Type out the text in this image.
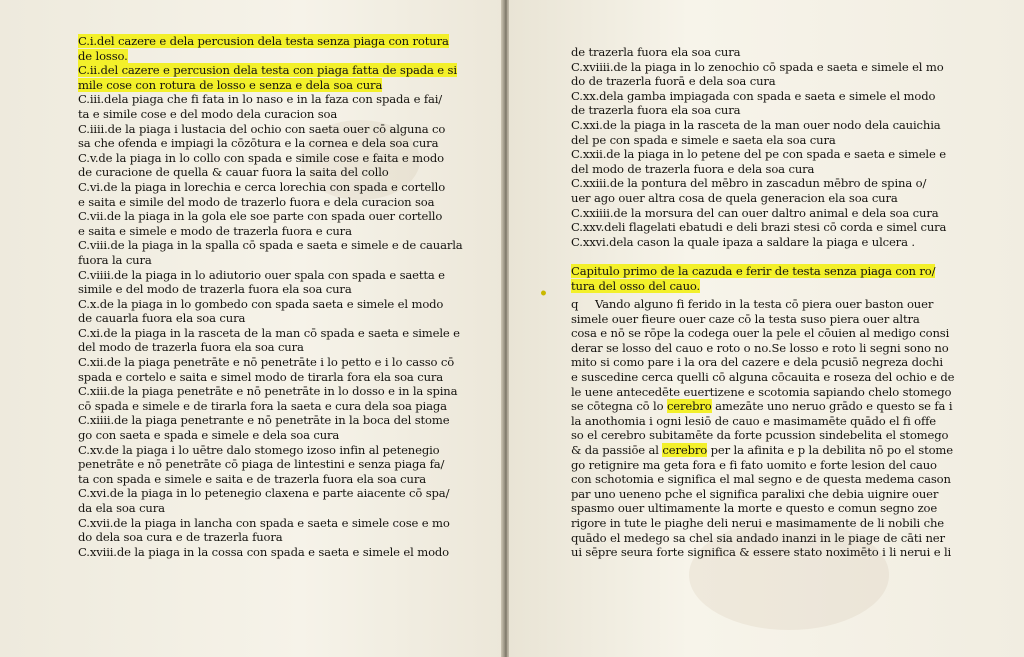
C.i.del cazere e dela percusion dela testa senza piaga con rotura
de losso.
C.ii.del cazere e percusion dela testa con piaga fatta de spada e si
mile cose con rotura de losso e senza e dela soa cura
C.iii.dela piaga che fi fata in lo naso e in la faza con spada e fai/
ta e simile cose e del modo dela curacion soa
C.iiii.de la piaga i lustacia del ochio con saeta ouer cō alguna co
sa che ofenda e impiagi la cōzōtura e la cornea e dela soa cura
C.v.de la piaga in lo collo con spada e simile cose e faita e modo
de curacione de quella & cauar fuora la saita del collo
C.vi.de la piaga in lorechia e cerca lorechia con spada e cortello
e saita e simile del modo de trazerlo fuora e dela curacion soa
C.vii.de la piaga in la gola ele soe parte con spada ouer cortello
e saita e simele e modo de trazerla fuora e cura
C.viii.de la piaga in la spalla cō spada e saeta e simele e de cauarla
fuora la cura
C.viiii.de la piaga in lo adiutorio ouer spala con spada e saetta e
simile e del modo de trazerla fuora ela soa cura
C.x.de la piaga in lo gombedo con spada saeta e simele el modo
de cauarla fuora ela soa cura
C.xi.de la piaga in la rasceta de la man cō spada e saeta e simele e
del modo de trazerla fuora ela soa cura
C.xii.de la piaga penetrāte e nō penetrāte i lo petto e i lo casso cō
spada e cortelo e saita e simel modo de tirarla fora ela soa cura
C.xiii.de la piaga penetrāte e nō penetrāte in lo dosso e in la spina
cō spada e simele e de tirarla fora la saeta e cura dela soa piaga
C.xiiii.de la piaga penetrante e nō penetrāte in la boca del stome
go con saeta e spada e simele e dela soa cura
C.xv.de la piaga i lo uētre dalo stomego izoso infin al petenegio
penetrāte e nō penetrāte cō piaga de lintestini e senza piaga fa/
ta con spada e simele e saita e de trazerla fuora ela soa cura
C.xvi.de la piaga in lo petenegio claxena e parte aiacente cō spa/
da ela soa cura
C.xvii.de la piaga in lancha con spada e saeta e simele cose e mo
do dela soa cura e de trazerla fuora
C.xviii.de la piaga in la cossa con spada e saeta e simele el modo
•
de trazerla fuora ela soa cura
C.xviiii.de la piaga in lo zenochio cō spada e saeta e simele el mo
do de trazerla fuorā e dela soa cura
C.xx.dela gamba impiagada con spada e saeta e simele el modo
de trazerla fuora ela soa cura
C.xxi.de la piaga in la rasceta de la man ouer nodo dela cauichia
del pe con spada e simele e saeta ela soa cura
C.xxii.de la piaga in lo petene del pe con spada e saeta e simele e
del modo de trazerla fuora e dela soa cura
C.xxiii.de la pontura del mēbro in zascadun mēbro de spina o/
uer ago ouer altra cosa de quela generacion ela soa cura
C.xxiiii.de la morsura del can ouer daltro animal e dela soa cura
C.xxv.deli flagelati ebatudi e deli brazi stesi cō corda e simel cura
C.xxvi.dela cason la quale ipaza a saldare la piaga e ulcera .
Capitulo primo de la cazuda e ferir de testa senza piaga con ro/
tura del osso del cauo.
q Vando alguno fi ferido in la testa cō piera ouer baston ouer
simele ouer fieure ouer caze cō la testa suso piera ouer altra
cosa e nō se rōpe la codega ouer la pele el cōuien al medigo consi
derar se losso del cauo e roto o no.Se losso e roto li segni sono no
mito si como pare i la ora del cazere e dela pcusiō negreza dochi
e suscedine cerca quelli cō alguna cōcauita e roseza del ochio e de
le uene antecedēte euertizene e scotomia sapiando chelo stomego
se cōtegna cō lo cerebro amezāte uno neruo grādo e questo se fa i
la anothomia i ogni lesiō de cauo e masimamēte quādo el fi offe
so el cerebro subitamēte da forte pcussion sindebelita el stomego
& da passiōe al cerebro per la afinita e p la debilita nō po el stome
go retignire ma geta fora e fi fato uomito e forte lesion del cauo
con schotomia e significa el mal segno e de questa medema cason
par uno ueneno pche el significa paralixi che debia uignire ouer
spasmo ouer ultimamente la morte e questo e comun segno zoe
rigore in tute le piaghe deli nerui e masimamente de li nobili che
quādo el medego sa chel sia andado inanzi in le piage de cāti ner
ui sēpre seura forte significa & essere stato noximēto i li nerui e li
